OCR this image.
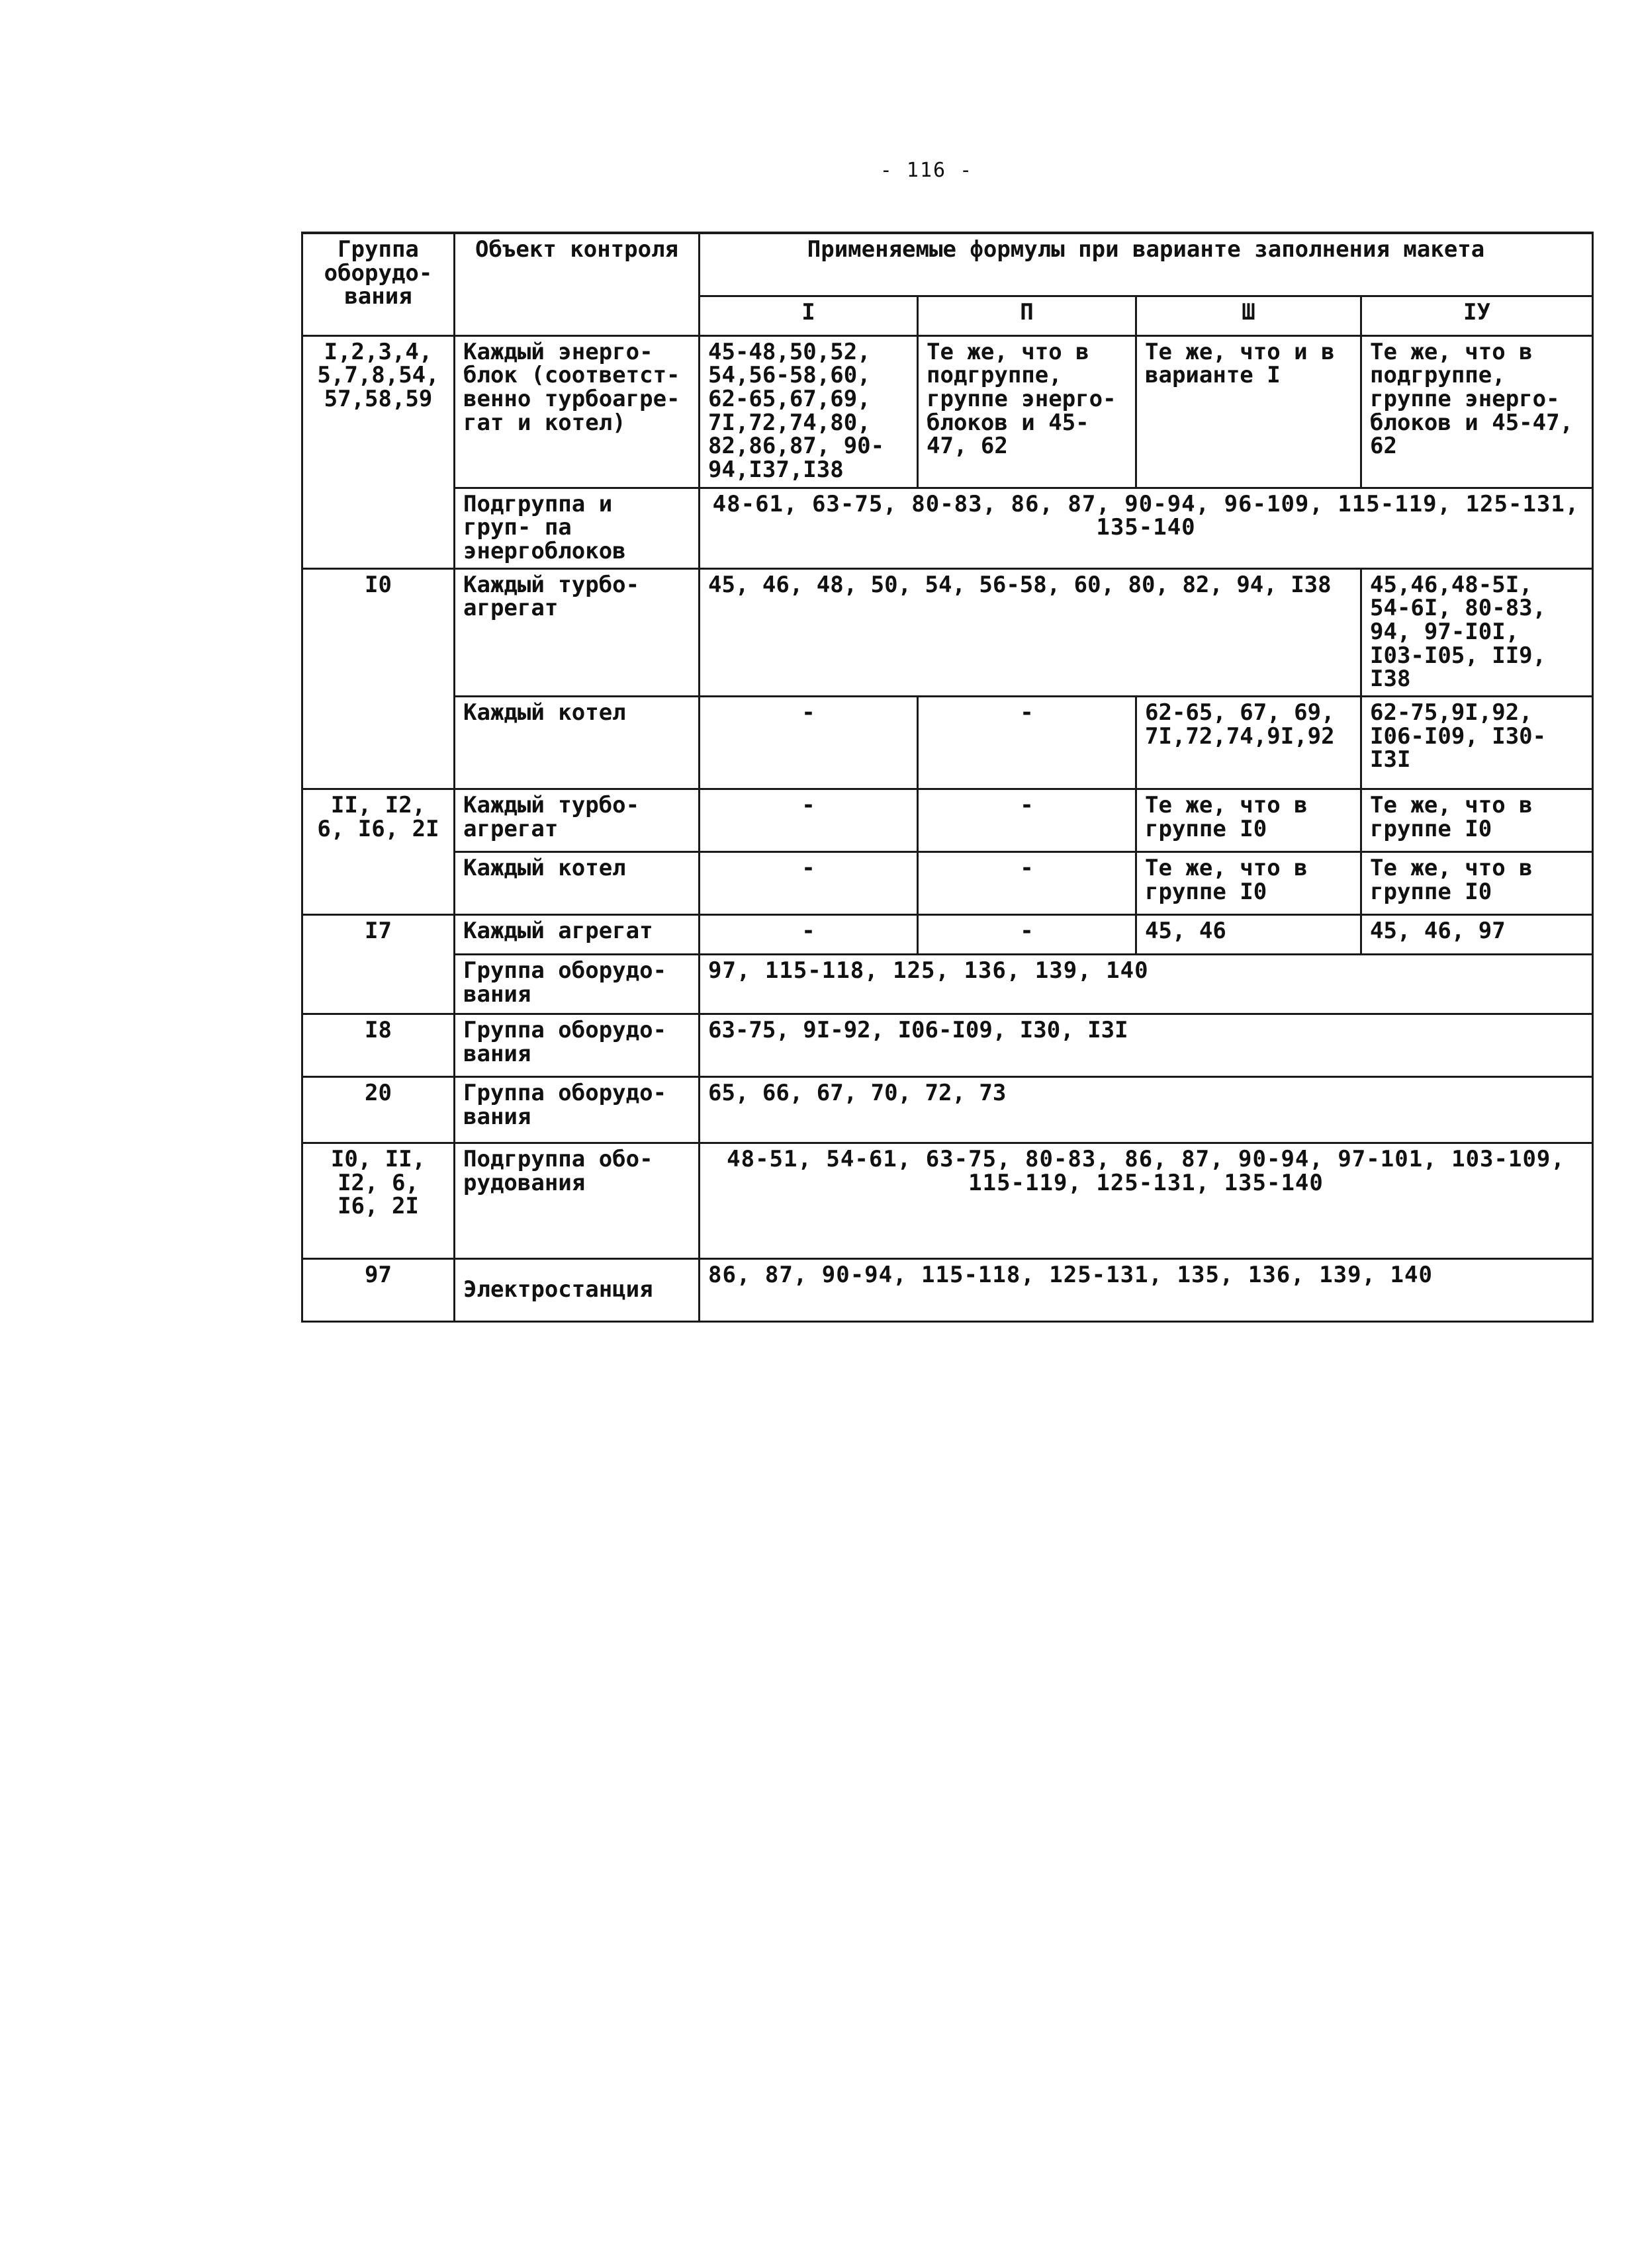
- 116 -
Группа оборудо- вания	Объект контроля	Применяемые формулы при варианте заполнения макета			
		I	П	Ш	IУ
I,2,3,4, 5,7,8,54, 57,58,59	Каждый энерго- блок (соответст- венно турбоагре- гат и котел)	45-48,50,52, 54,56-58,60, 62-65,67,69, 7I,72,74,80, 82,86,87, 90-94,I37,I38	Те же, что в подгруппе, группе энерго- блоков и 45-47, 62	Те же, что и в варианте I	Те же, что в подгруппе, группе энерго- блоков и 45-47, 62
	Подгруппа и груп- па энергоблоков	48-61, 63-75, 80-83, 86, 87, 90-94, 96-109, 115-119, 125-131, 135-140			
I0	Каждый турбо- агрегат	45, 46, 48, 50, 54, 56-58, 60, 80, 82, 94, I38			45,46,48-5I, 54-6I, 80-83, 94, 97-I0I, I03-I05, II9, I38
	Каждый котел	-	-	62-65, 67, 69, 7I,72,74,9I,92	62-75,9I,92, I06-I09, I30-I3I
II, I2, 6, I6, 2I	Каждый турбо- агрегат	-	-	Те же, что в группе I0	Те же, что в группе I0
	Каждый котел	-	-	Те же, что в группе I0	Те же, что в группе I0
I7	Каждый агрегат	-	-	45, 46	45, 46, 97
	Группа оборудо- вания	97, 115-118, 125, 136, 139, 140			
I8	Группа оборудо- вания	63-75, 9I-92, I06-I09, I30, I3I			
20	Группа оборудо- вания	65, 66, 67, 70, 72, 73			
I0, II, I2, 6, I6, 2I	Подгруппа обо- рудования	48-51, 54-61, 63-75, 80-83, 86, 87, 90-94, 97-101, 103-109, 115-119, 125-131, 135-140			
97	Электростанция	86, 87, 90-94, 115-118, 125-131, 135, 136, 139, 140			
